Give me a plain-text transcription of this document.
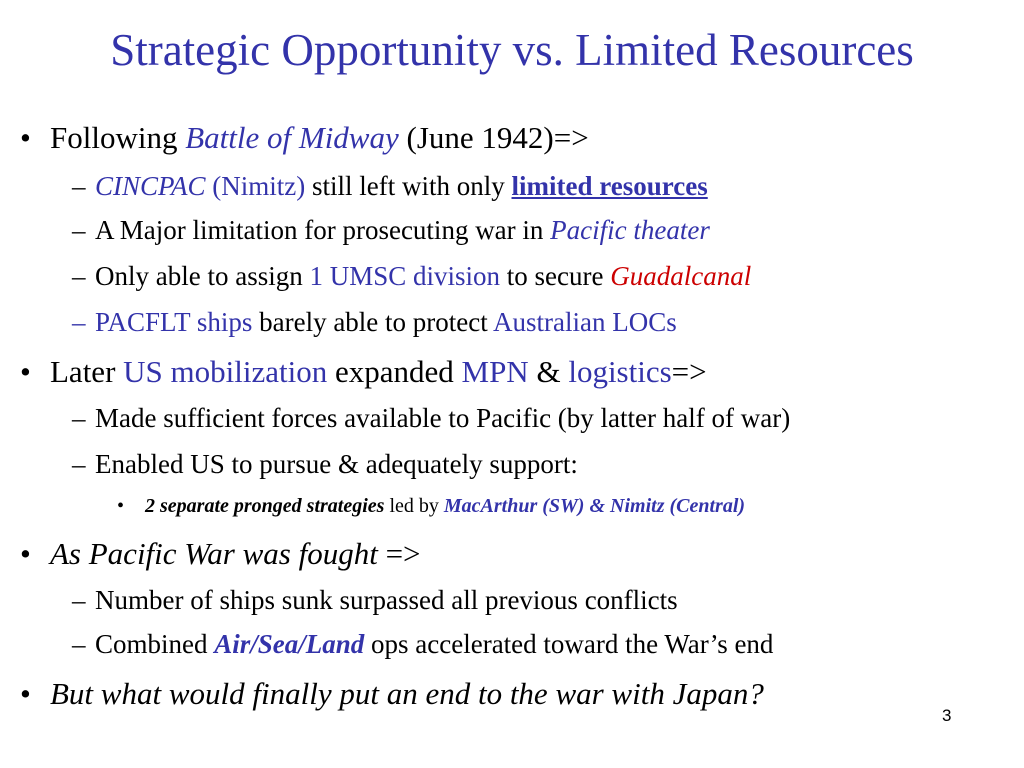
Strategic Opportunity vs. Limited Resources
• Following Battle of Midway (June 1942)=>
– CINCPAC (Nimitz) still left with only limited resources
– A Major limitation for prosecuting war in Pacific theater
– Only able to assign 1 UMSC division to secure Guadalcanal
– PACFLT ships barely able to protect Australian LOCs
• Later US mobilization expanded MPN & logistics=>
– Made sufficient forces available to Pacific (by latter half of war)
– Enabled US to pursue & adequately support:
• 2 separate pronged strategies led by MacArthur (SW) & Nimitz (Central)
• As Pacific War was fought =>
– Number of ships sunk surpassed all previous conflicts
– Combined Air/Sea/Land ops accelerated toward the War’s end
• But what would finally put an end to the war with Japan?
3
